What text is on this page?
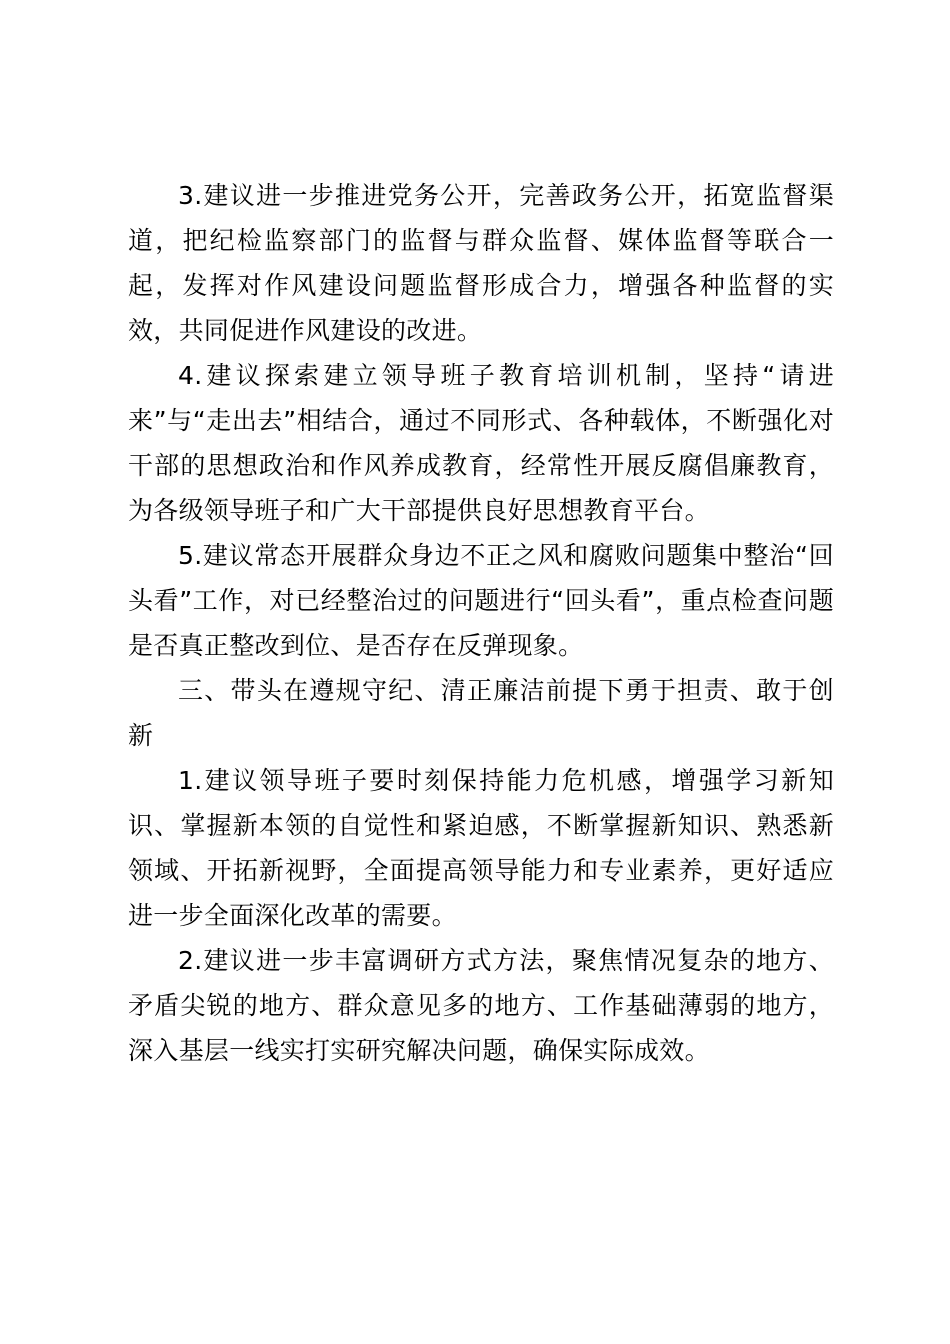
3.建议进一步推进党务公开，完善政务公开，拓宽监督渠道，把纪检监察部门的监督与群众监督、媒体监督等联合一起，发挥对作风建设问题监督形成合力，增强各种监督的实效，共同促进作风建设的改进。

4.建议探索建立领导班子教育培训机制，坚持“请进来”与“走出去”相结合，通过不同形式、各种载体，不断强化对干部的思想政治和作风养成教育，经常性开展反腐倡廉教育，为各级领导班子和广大干部提供良好思想教育平台。

5.建议常态开展群众身边不正之风和腐败问题集中整治“回头看”工作，对已经整治过的问题进行“回头看”，重点检查问题是否真正整改到位、是否存在反弹现象。

三、带头在遵规守纪、清正廉洁前提下勇于担责、敢于创新

1.建议领导班子要时刻保持能力危机感，增强学习新知识、掌握新本领的自觉性和紧迫感，不断掌握新知识、熟悉新领域、开拓新视野，全面提高领导能力和专业素养，更好适应进一步全面深化改革的需要。

2.建议进一步丰富调研方式方法，聚焦情况复杂的地方、矛盾尖锐的地方、群众意见多的地方、工作基础薄弱的地方，深入基层一线实打实研究解决问题，确保实际成效。
